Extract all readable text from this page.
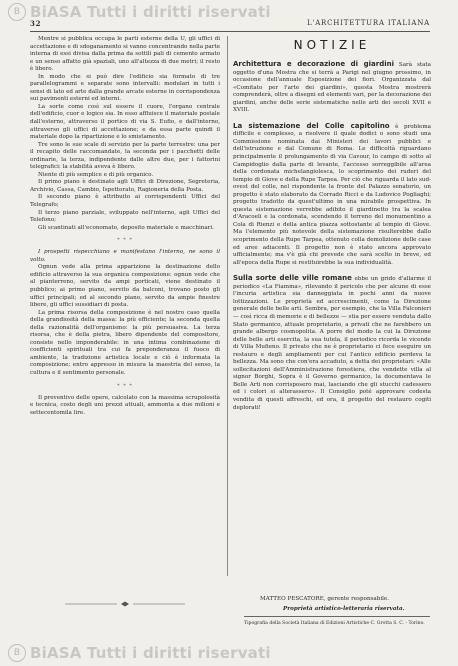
B BiASA Tutti i diritti riservati
32	L'ARCHITETTURA ITALIANA

Mentre si pubblica occupa le parti esterne della U, gli uffici di accettazione e di sdoganamento si vanno concentrando nella parte interna di essi divisa dalla prima da sottili pali di cemento armato e un senso affatto già spaziali, uno all'altezza di due metri; il resto è libero.

In modo che si può dire l'edificio sia formato di tre parallelogrammi e separate sono intervalli: modulari in tutti i sensi di lato ed arte dalla grande arcate esterne in corrispondenza sui pavimenti esterni ed interni.

La sorte come così sul essere il cuore, l'organo centrale dell'edificio, cuor e logico sia. In esso affluisce il materiale postale dall'esterno, attraverso il portico di via S. Eufio, e dall'interno, attraverso gli uffici di accettazione; e da essa parte quindi il materiale dopo la ripartizione e lo smistamento.

Tre sono le sue scale di servizio per la parte terrestre: una per il recapito delle raccomandate, la seconda per i pacchetti delle ordinarie, la terza, indipendente dalle altre due, per i fattorini telegrafici: la stabilità aveva è libero.

Niente di più semplice e di più organico.

Il primo piano è destinato agli Uffici di Direzione, Segreteria, Archivio, Cassa, Cambio, Ispettorato, Ragioneria della Posta.

Il secondo piano è attribuito ai corrispondenti Uffici del Telegrafo;

Il terzo piano parziale, sviluppato nell'interno, agli Uffici del Telefono;

Gli scantinati all'economato, deposito materiale e macchinari.

* * *

I prospetti rispecchiano e manifestano l'interno, ne sono il volto.

Ognun vede alla prima apparizione la destinazione dello edificio attraverso la sua organica composizione: ognun vede che al pianterreno, servito da ampi porticati, viene destinato il pubblico; ai primo piano, servito da balconi, trovano posto gli uffici principali; ed al secondo piano, servito da ampie finestre libere, gli uffici sussidiari di posta.

La prima risorsa della composizione è nel nostro caso quella della grandiosità della massa: la più efficiente; la seconda quella della razionalità dell'organismo: la più persuasiva. La terza risorsa, che è della pietra, libero dipendente del compositore, consiste nello imponderabile: in una intima combinazione di coefficienti spirituali tra cui fa preponderanza il fuoco di ambiente, la tradizione artistica locale e ciò è informata la composizione; entro appresso in misura la maestria del senso, la cultura e il sentimento personale.

* * *

Il preventivo delle opere, calcolato con la massima scrupolosità e tecnica, costo degli uni prezzi attuali, ammonta a due milioni e settecentomila lire.

NOTIZIE

Architettura e decorazione di giardini Sarà stata oggetto d'una Mostra che si terrà a Parigi nel giugno prossimo, in occasione dell'annuale Esposizione dei fiori. Organizzata dal «Comitato per l'arte dei giardini», questa Mostra mostrerà comprenderà, oltre a disegni ed elementi vari, per la decorazione dei giardini, anche delle serie sistematiche nelle arti dei secoli XVII e XVIII.

La sistemazione del Colle capitolino è problema difficile e complesso, a risolvere il quale dodici o sono studi una Commissione nominata dai Ministeri dei lavori pubblici e dell'istruzione e dal Comune di Roma. Le difficoltà riguardano principalmente il prolungamento di via Cavour, lo campo di sotto al Campidoglio dalla parte di levante, l'accesso sorreggibile all'area della cordonata michelangiolesca, lo scoprimento dei ruderi del tempio di Giove e della Rupe Tarpea. Per ciò che riguarda il lato sud-ovest del colle, nel rispondente la fronte del Palazzo senatorio, un progetto è stato elaborato da Corrado Ricci e da Ludovico Pogliaghi; progetto tradotto da quest'ultimo in una mirabile prospettiva. In questa sistemazione verrebbe adibito il giardinetto tra la scalea d'Aracoeli e la cordonata, scendendo il terreno del monumentino a Cola di Rienzi e della antica piazza sottostante al tempio di Giove. Ma l'elemento più notevole della sistemazione risulterebbe dallo scoprimento della Rupe Tarpea, ottenuto colla demolizione delle case ed aree adiacenti. Il progetto non è stato ancora approvato ufficialmente; ma v'è già chi prevede che sarà scelto in breve, ed all'epoca della Rupe si restituirebbe la sua individualità.

Sulla sorte delle ville romane ebbe un grido d'allarme il periodico «La Fiamma», rilevando il pericolo che per alcune di esse l'incuria artistica sia danneggiata in pochi anni da nuove lottizzazioni. Le proprietà ed accrescimenti, come la Direzione generale delle belle arti. Sembra, per esempio, che la Villa Falconieri — così ricca di memorie e di bellezze — stia per essere venduta dallo Stato germanico, attuale proprietario, a privati che ne farebbero un grande albergo cosmopolita. A porre del modo la cui la Direzione delle belle arti esercita, la sua tutela, il periodico ricorda le vicende di Villa Mufieno. Il privato che ne è proprietario ci fece eseguire un restauro e degli ampliamenti per cui l'antico edificio perdeva la bellezza. Ma sono che con'era accaduto, a detta dei proprietari: «Alle sollecitazioni dell'Amministrazione forestiera, che vendette villa al signor Borghi, Sopra è il Governo germanico, la documentava le Belle Arti non corrisposero mai, lasciando che gli stucchi cadessero ed i colori si alterassero». Il Consiglio poté approvare codesta vendita di questi affreschi, ed ora, il progetto del restauro cogiti deplorati!

MATTEO PESCATORE, gerente responsabile.
Proprietà artistico-letteraria riservata.
Tipografia della Società Italiana di Edizioni Artistiche C. Grotta S. C. - Torino.
B BiASA Tutti i diritti riservati
